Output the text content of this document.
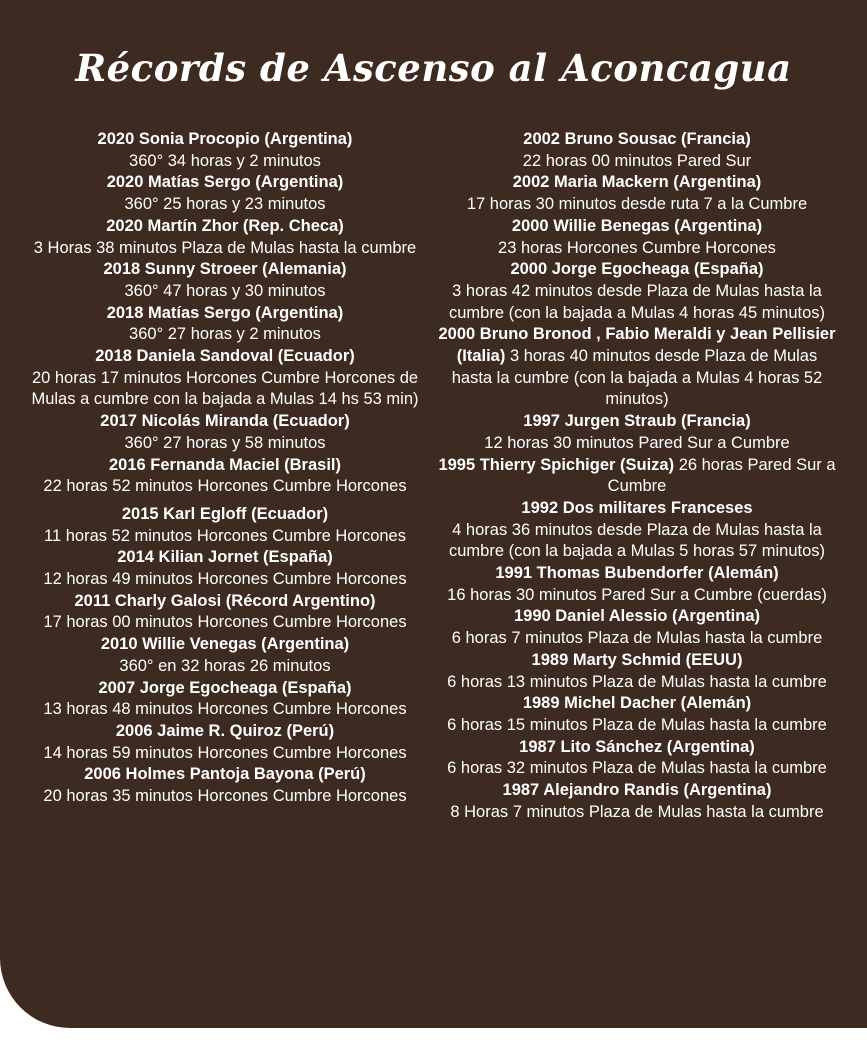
Récords de Ascenso al Aconcagua
2020 Sonia Procopio (Argentina)
360° 34 horas y 2 minutos
2020 Matías Sergo (Argentina)
360° 25 horas y 23 minutos
2020 Martín Zhor (Rep. Checa)
3 Horas 38 minutos Plaza de Mulas hasta la cumbre
2018 Sunny Stroeer (Alemania)
360° 47 horas y 30 minutos
2018 Matías Sergo (Argentina)
360° 27 horas y 2 minutos
2018 Daniela Sandoval (Ecuador)
20 horas 17 minutos Horcones Cumbre Horcones de Mulas a cumbre con la bajada a Mulas 14 hs 53 min)
2017 Nicolás Miranda (Ecuador)
360° 27 horas y 58 minutos
2016 Fernanda Maciel (Brasil)
22 horas 52 minutos Horcones Cumbre Horcones
2015 Karl Egloff (Ecuador)
11 horas 52 minutos Horcones Cumbre Horcones
2014 Kilian Jornet (España)
12 horas 49 minutos Horcones Cumbre Horcones
2011 Charly Galosi (Récord Argentino)
17 horas 00 minutos Horcones Cumbre Horcones
2010 Willie Venegas (Argentina)
360° en 32 horas 26 minutos
2007 Jorge Egocheaga (España)
13 horas 48 minutos Horcones Cumbre Horcones
2006 Jaime R. Quiroz (Perú)
14 horas 59 minutos Horcones Cumbre Horcones
2006 Holmes Pantoja Bayona (Perú)
20 horas 35 minutos Horcones Cumbre Horcones
2002 Bruno Sousac (Francia)
22 horas 00 minutos Pared Sur
2002 Maria Mackern (Argentina)
17 horas 30 minutos desde ruta 7 a la Cumbre
2000 Willie Benegas (Argentina)
23 horas Horcones Cumbre Horcones
2000 Jorge Egocheaga (España)
3 horas 42 minutos desde Plaza de Mulas hasta la cumbre (con la bajada a Mulas 4 horas 45 minutos)
2000 Bruno Bronod , Fabio Meraldi y Jean Pellisier (Italia) 3 horas 40 minutos desde Plaza de Mulas hasta la cumbre (con la bajada a Mulas 4 horas 52 minutos)
1997 Jurgen Straub (Francia)
12 horas 30 minutos Pared Sur a Cumbre
1995 Thierry Spichiger (Suiza) 26 horas Pared Sur a Cumbre
1992 Dos militares Franceses
4 horas 36 minutos desde Plaza de Mulas hasta la cumbre (con la bajada a Mulas 5 horas 57 minutos)
1991 Thomas Bubendorfer (Alemán)
16 horas 30 minutos Pared Sur a Cumbre (cuerdas)
1990 Daniel Alessio (Argentina)
6 horas 7 minutos Plaza de Mulas hasta la cumbre
1989 Marty Schmid (EEUU)
6 horas 13 minutos Plaza de Mulas hasta la cumbre
1989 Michel Dacher (Alemán)
6 horas 15 minutos Plaza de Mulas hasta la cumbre
1987 Lito Sánchez (Argentina)
6 horas 32 minutos Plaza de Mulas hasta la cumbre
1987 Alejandro Randis (Argentina)
8 Horas 7 minutos Plaza de Mulas hasta la cumbre
